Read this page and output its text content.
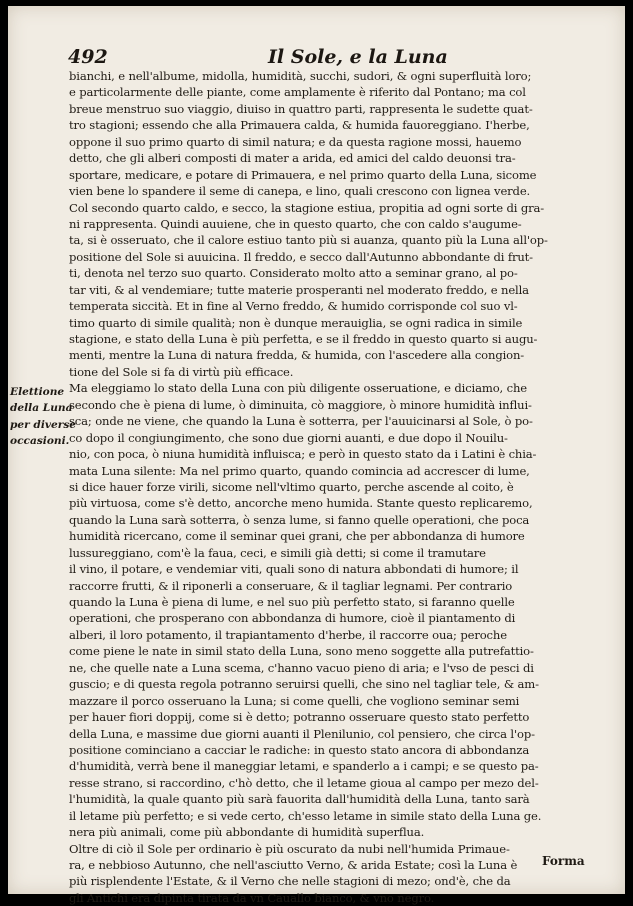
492	Il Sole, e la Luna
Elettione
della Luna
per diverse
occasioni.
bianchi, e nell'albume, midolla, humidità, succhi, sudori, & ogni superfluità loro;
e particolarmente delle piante, come amplamente è riferito dal Pontano; ma col
breue menstruo suo viaggio, diuiso in quattro parti, rappresenta le sudette quat-
tro stagioni; essendo che alla Primauera calda, & humida fauoreggiano. I'herbe,
oppone il suo primo quarto di simil natura; e da questa ragione mossi, hauemo
detto, che gli alberi composti di mater a arida, ed amici del caldo deuonsi tra-
sportare, medicare, e potare di Primauera, e nel primo quarto della Luna, sicome
vien bene lo spandere il seme di canepa, e lino, quali crescono con lignea verde.
Col secondo quarto caldo, e secco, la stagione estiua, propitia ad ogni sorte di gra-
ni rappresenta. Quindi auuiene, che in questo quarto, che con caldo s'augume-
ta, si è osseruato, che il calore estiuo tanto più si auanza, quanto più la Luna all'op-
positione del Sole si auuicina. Il freddo, e secco dall'Autunno abbondante di frut-
ti, denota nel terzo suo quarto. Considerato molto atto a seminar grano, al po-
tar viti, & al vendemiare; tutte materie prosperanti nel moderato freddo, e nella
temperata siccità. Et in fine al Verno freddo, & humido corrisponde col suo vl-
timo quarto di simile qualità; non è dunque merauiglia, se ogni radica in simile
stagione, e stato della Luna è più perfetta, e se il freddo in questo quarto si augu-
menti, mentre la Luna di natura fredda, & humida, con l'ascedere alla congion-
tione del Sole si fa di virtù più efficace.
Ma eleggiamo lo stato della Luna con più diligente osseruatione, e diciamo, che
secondo che è piena di lume, ò diminuita, cò maggiore, ò minore humidità influi-
sca; onde ne viene, che quando la Luna è sotterra, per l'auuicinarsi al Sole, ò po-
co dopo il congiungimento, che sono due giorni auanti, e due dopo il Nouilu-
nio, con poca, ò niuna humidità influisca; e però in questo stato da i Latini è chia-
mata Luna silente: Ma nel primo quarto, quando comincia ad accrescer di lume,
si dice hauer forze virili, sicome nell'vltimo quarto, perche ascende al coito, è
più virtuosa, come s'è detto, ancorche meno humida. Stante questo replicaremo,
quando la Luna sarà sotterra, ò senza lume, si fanno quelle operationi, che poca
humidità ricercano, come il seminar quei grani, che per abbondanza di humore
lussureggiano, com'è la faua, ceci, e simili già detti; si come il tramutare
il vino, il potare, e vendemiar viti, quali sono di natura abbondati di humore; il
raccorre frutti, & il riponerli a conseruare, & il tagliar legnami. Per contrario
quando la Luna è piena di lume, e nel suo più perfetto stato, si faranno quelle
operationi, che prosperano con abbondanza di humore, cioè il piantamento di
alberi, il loro potamento, il trapiantamento d'herbe, il raccorre oua; peroche
come piene le nate in simil stato della Luna, sono meno soggette alla putrefattio-
ne, che quelle nate a Luna scema, c'hanno vacuo pieno di aria; e l'vso de pesci di
guscio; e di questa regola potranno seruirsi quelli, che sino nel tagliar tele, & am-
mazzare il porco osseruano la Luna; si come quelli, che vogliono seminar semi
per hauer fiori doppij, come si è detto; potranno osseruare questo stato perfetto
della Luna, e massime due giorni auanti il Plenilunio, col pensiero, che circa l'op-
positione cominciano a cacciar le radiche: in questo stato ancora di abbondanza
d'humidità, verrà bene il maneggiar letami, e spanderlo a i campi; e se questo pa-
resse strano, si raccordino, c'hò detto, che il letame gioua al campo per mezo del-
l'humidità, la quale quanto più sarà fauorita dall'humidità della Luna, tanto sarà
il letame più perfetto; e si vede certo, ch'esso letame in simile stato della Luna ge.
nera più animali, come più abbondante di humidità superflua.
Oltre di ciò il Sole per ordinario è più oscurato da nubi nell'humida Primaue-
ra, e nebbioso Autunno, che nell'asciutto Verno, & arida Estate; così la Luna è
più risplendente l'Estate, & il Verno che nelle stagioni di mezo; ond'è, che da
gli Antichi era dipinta tirata da vn Cauallo bianco, & vno negro.
Forma
